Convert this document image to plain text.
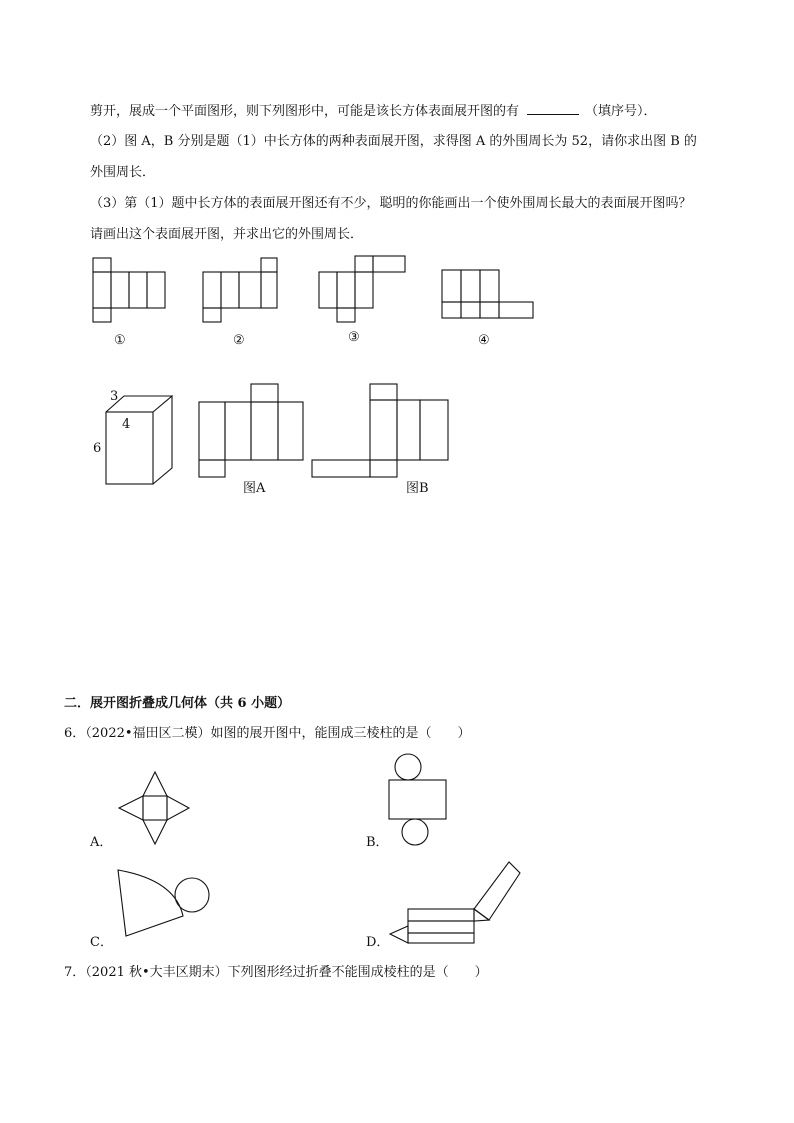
剪开，展成一个平面图形，则下列图形中，可能是该长方体表面展开图的有	（填序号）．
（2）图 A，B 分别是题（1）中长方体的两种表面展开图，求得图 A 的外围周长为 52，请你求出图 B 的
外围周长．
（3）第（1）题中长方体的表面展开图还有不少，聪明的你能画出一个使外围周长最大的表面展开图吗？
请画出这个表面展开图，并求出它的外围周长．
①	②	③	④
3
4
6
图A	图B
二．展开图折叠成几何体（共 6 小题）
6．（2022•福田区二模）如图的展开图中，能围成三棱柱的是（　　）
A．	B．
C．	D．
7．（2021 秋•大丰区期末）下列图形经过折叠不能围成棱柱的是（　　）
